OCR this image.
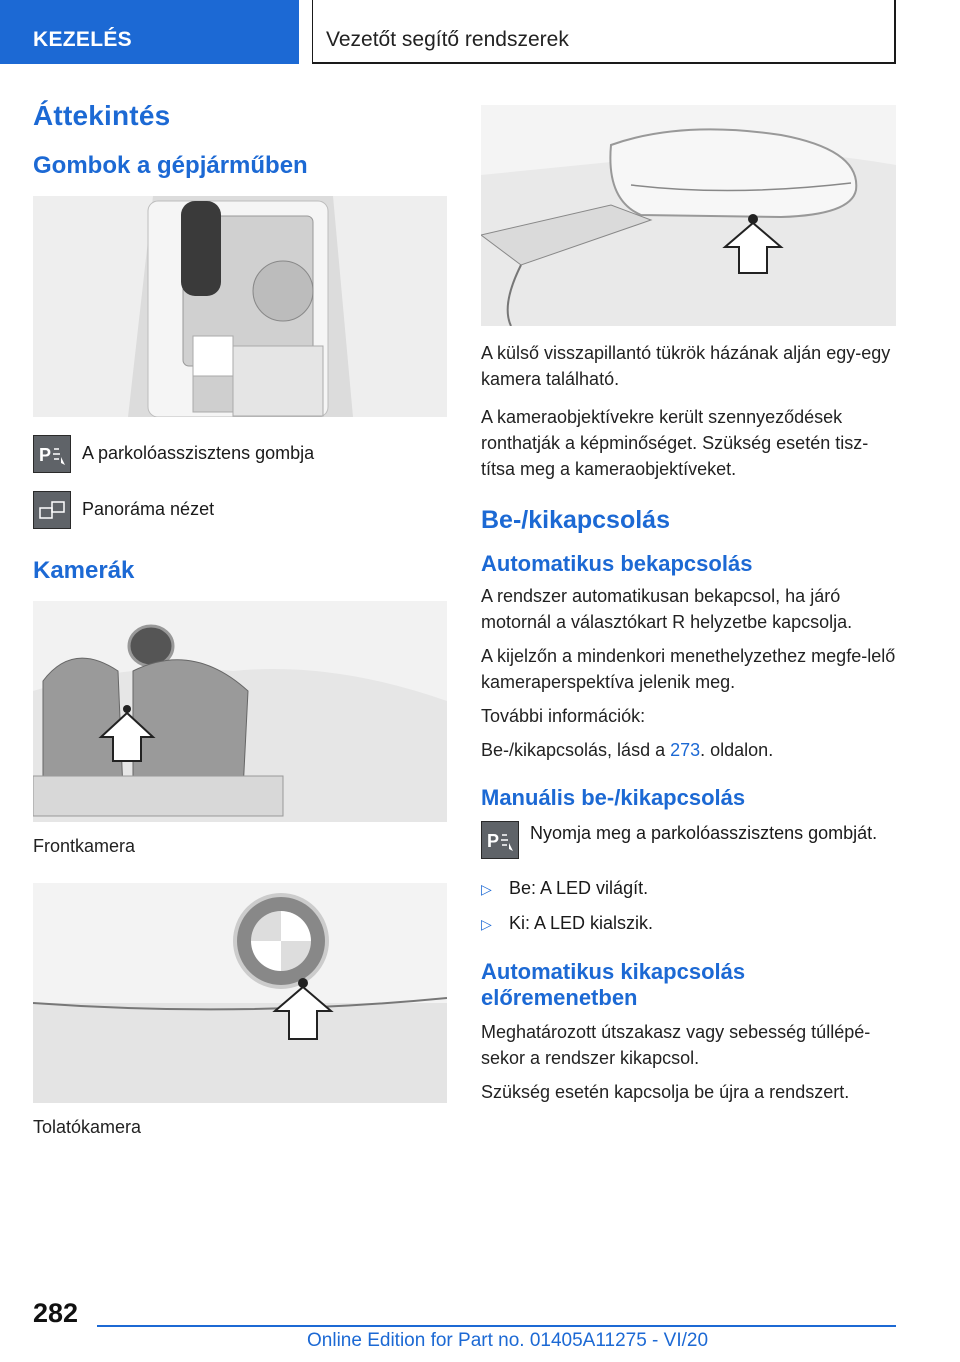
KEZELÉS	Vezetőt segítő rendszerek
Áttekintés
Gombok a gépjárműben
P A parkolóasszisztens gombja
Panoráma nézet
Kamerák
Frontkamera
Tolatókamera

A külső visszapillantó tükrök házának alján egy-egy kamera található.

A kameraobjektívekre került szennyeződések ronthatják a képminőséget. Szükség esetén tisz-títsa meg a kameraobjektíveket.

Be-/kikapcsolás
Automatikus bekapcsolás

A rendszer automatikusan bekapcsol, ha járó motornál a választókart R helyzetbe kapcsolja.

A kijelzőn a mindenkori menethelyzethez megfe-lelő kameraperspektíva jelenik meg.

További információk:

Be-/kikapcsolás, lásd a 273. oldalon.

Manuális be-/kikapcsolás
P Nyomja meg a parkolóasszisztens gombját.
▷ Be: A LED világít.
▷ Ki: A LED kialszik.
Automatikus kikapcsolás előremenetben

Meghatározott útszakasz vagy sebesség túllépé-sekor a rendszer kikapcsol.

Szükség esetén kapcsolja be újra a rendszert.

282
Online Edition for Part no. 01405A11275 - VI/20
